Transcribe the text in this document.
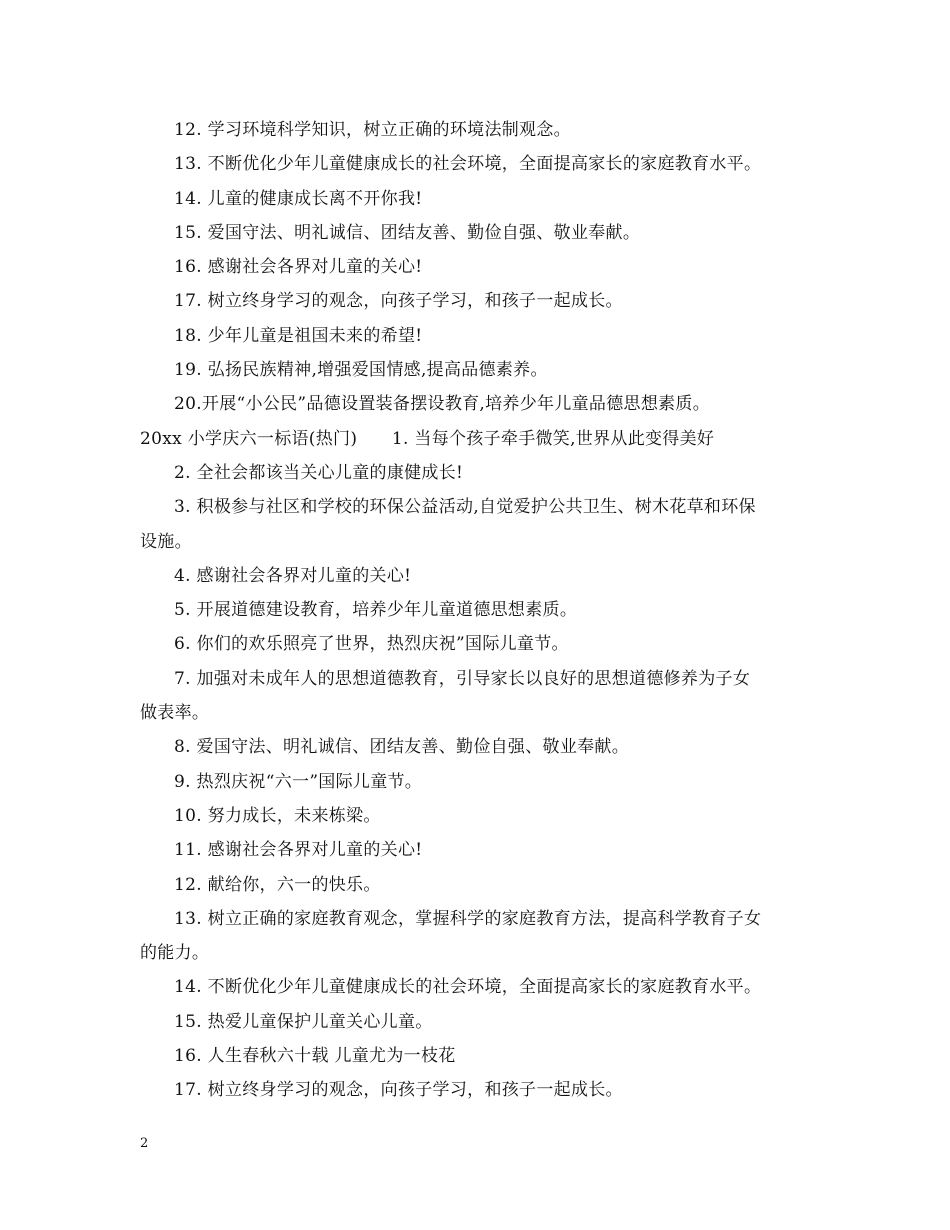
12. 学习环境科学知识，树立正确的环境法制观念。
13. 不断优化少年儿童健康成长的社会环境，全面提高家长的家庭教育水平。
14. 儿童的健康成长离不开你我!
15. 爱国守法、明礼诚信、团结友善、勤俭自强、敬业奉献。
16. 感谢社会各界对儿童的关心!
17. 树立终身学习的观念，向孩子学习，和孩子一起成长。
18. 少年儿童是祖国未来的希望!
19. 弘扬民族精神,增强爱国情感,提高品德素养。
20.开展“小公民”品德设置装备摆设教育,培养少年儿童品德思想素质。
20xx 小学庆六一标语(热门)　　1. 当每个孩子牵手微笑,世界从此变得美好
2. 全社会都该当关心儿童的康健成长!
3. 积极参与社区和学校的环保公益活动,自觉爱护公共卫生、树木花草和环保
设施。
4. 感谢社会各界对儿童的关心!
5. 开展道德建设教育，培养少年儿童道德思想素质。
6. 你们的欢乐照亮了世界，热烈庆祝”国际儿童节。
7. 加强对未成年人的思想道德教育，引导家长以良好的思想道德修养为子女
做表率。
8. 爱国守法、明礼诚信、团结友善、勤俭自强、敬业奉献。
9. 热烈庆祝“六一”国际儿童节。
10. 努力成长，未来栋梁。
11. 感谢社会各界对儿童的关心!
12. 献给你，六一的快乐。
13. 树立正确的家庭教育观念，掌握科学的家庭教育方法，提高科学教育子女
的能力。
14. 不断优化少年儿童健康成长的社会环境，全面提高家长的家庭教育水平。
15. 热爱儿童保护儿童关心儿童。
16. 人生春秋六十载 儿童尤为一枝花
17. 树立终身学习的观念，向孩子学习，和孩子一起成长。
2
